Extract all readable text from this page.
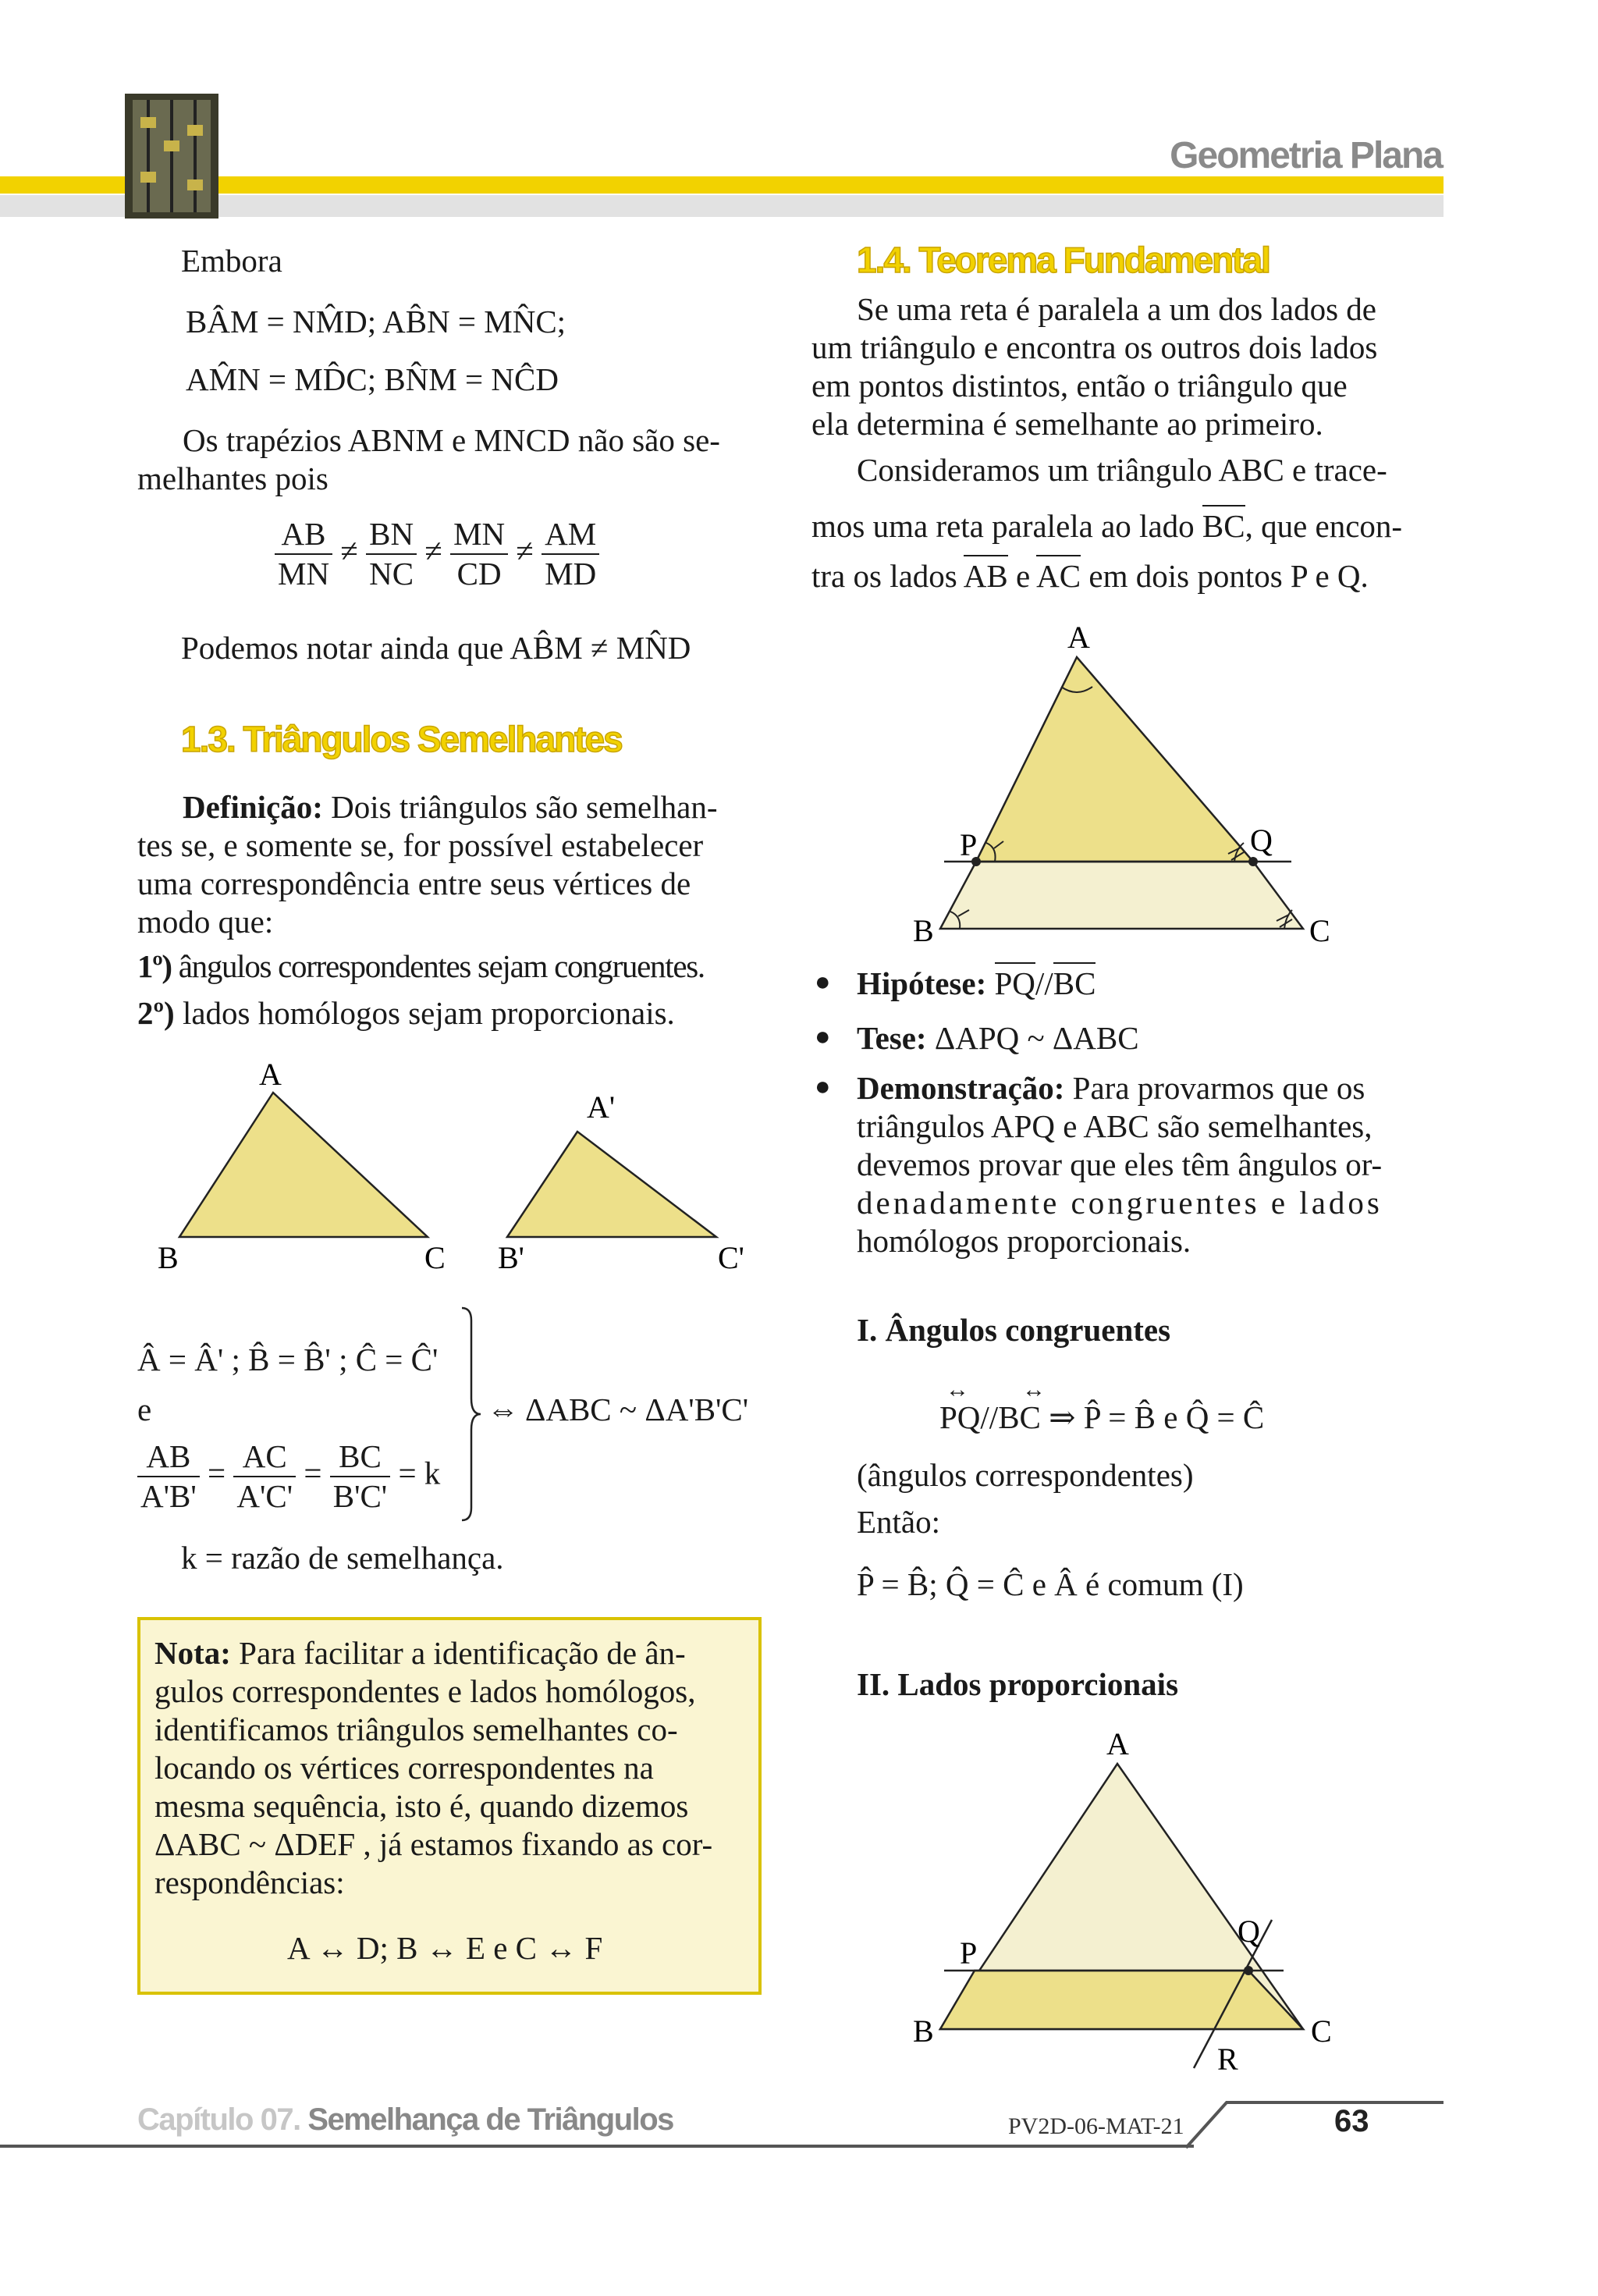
Geometria Plana
Embora
BÂM = NM̂D; AB̂N = MN̂C;
AM̂N = MD̂C; BN̂M = NĈD
Os trapézios ABNM e MNCD não são se-
melhantes pois
$\frac{AB}{MN} \ne \frac{BN}{NC} \ne \frac{MN}{CD} \ne \frac{AM}{MD}$
Podemos notar ainda que AB̂M ≠ MN̂D
1.3. Triângulos Semelhantes
Definição: Dois triângulos são semelhan-
tes se, e somente se, for possível estabelecer
uma correspondência entre seus vértices de
modo que:
1º) ângulos correspondentes sejam congruentes.
2º) lados homólogos sejam proporcionais.
A
B	C
A'
B'	C'
Â = Â' ; B̂ = B̂' ; Ĉ = Ĉ'
e
$\frac{AB}{A'B'} = \frac{AC}{A'C'} = \frac{BC}{B'C'} = k$
⇔ ΔABC ~ ΔA'B'C'
k = razão de semelhança.
Nota: Para facilitar a identificação de ân-
gulos correspondentes e lados homólogos,
identificamos triângulos semelhantes co-
locando os vértices correspondentes na
mesma sequência, isto é, quando dizemos
ΔABC ~ ΔDEF , já estamos fixando as cor-
respondências:
A ↔ D; B ↔ E e C ↔ F
1.4. Teorema Fundamental
Se uma reta é paralela a um dos lados de
um triângulo e encontra os outros dois lados
em pontos distintos, então o triângulo que
ela determina é semelhante ao primeiro.
Consideramos um triângulo ABC e trace-
mos uma reta paralela ao lado BC, que encon-
tra os lados AB e AC em dois pontos P e Q.
A
P	Q
B	C
● Hipótese: PQ//BC
● Tese: ΔAPQ ~ ΔABC
● Demonstração: Para provarmos que os
triângulos APQ e ABC são semelhantes,
devemos provar que eles têm ângulos or-
denadamente congruentes e lados
homólogos proporcionais.
I. Ângulos congruentes
PQ//BC ⇒ P̂ = B̂ e Q̂ = Ĉ
↔ ↔
(ângulos correspondentes)
Então:
P̂ = B̂; Q̂ = Ĉ e Â é comum (I)
II. Lados proporcionais
A
P
Q
B	C
R
Capítulo 07. Semelhança de Triângulos	PV2D-06-MAT-21	63
